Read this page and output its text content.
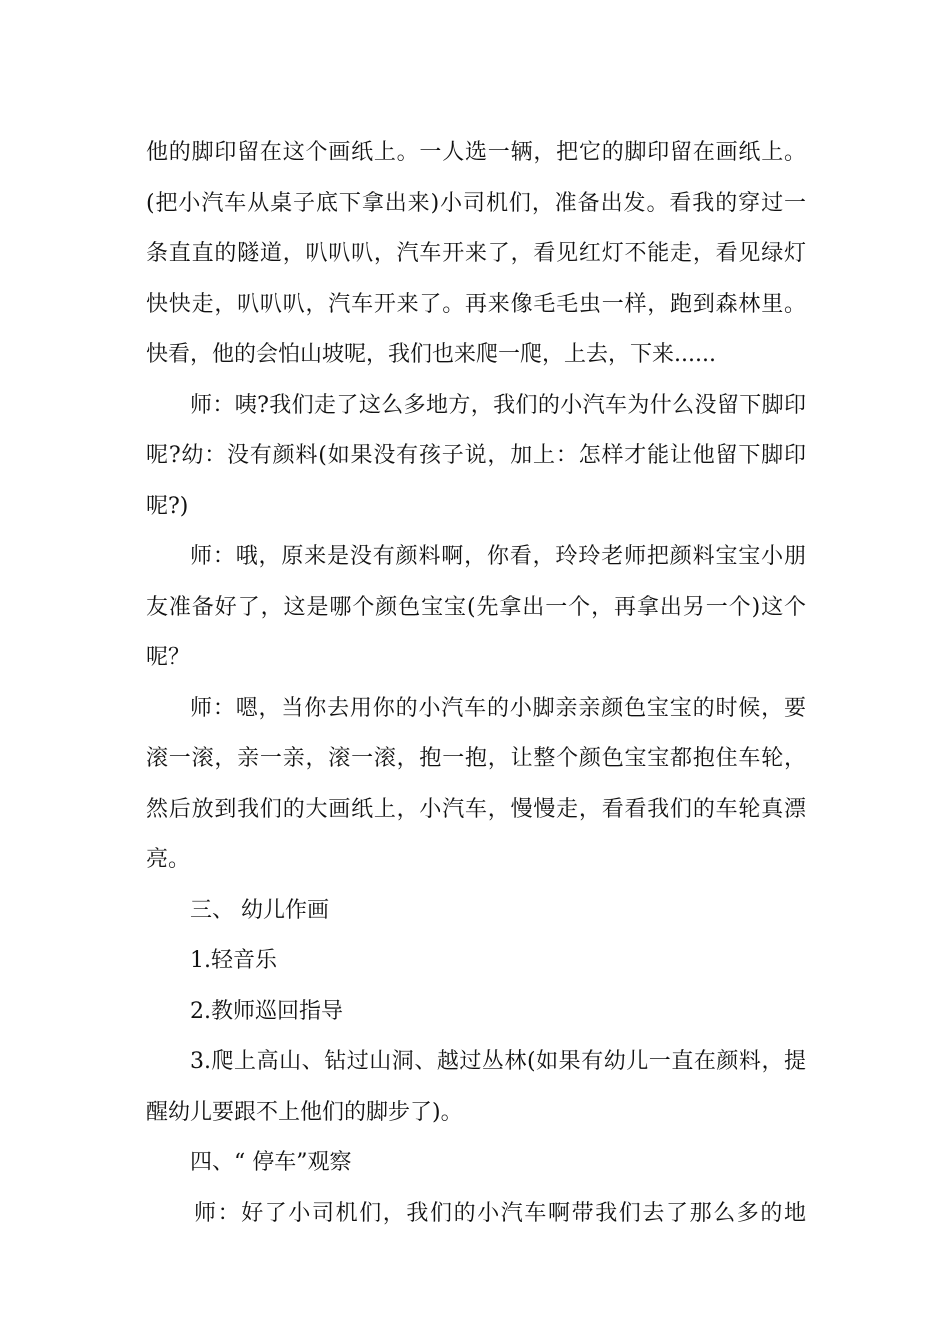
他的脚印留在这个画纸上。一人选一辆，把它的脚印留在画纸上。
(把小汽车从桌子底下拿出来)小司机们，准备出发。看我的穿过一
条直直的隧道，叭叭叭，汽车开来了，看见红灯不能走，看见绿灯
快快走，叭叭叭，汽车开来了。再来像毛毛虫一样，跑到森林里。
快看，他的会怕山坡呢，我们也来爬一爬，上去，下来......
师：咦?我们走了这么多地方，我们的小汽车为什么没留下脚印
呢?幼：没有颜料(如果没有孩子说，加上：怎样才能让他留下脚印
呢?)
师：哦，原来是没有颜料啊，你看，玲玲老师把颜料宝宝小朋
友准备好了，这是哪个颜色宝宝(先拿出一个，再拿出另一个)这个
呢？
师：嗯，当你去用你的小汽车的小脚亲亲颜色宝宝的时候，要
滚一滚，亲一亲，滚一滚，抱一抱，让整个颜色宝宝都抱住车轮，
然后放到我们的大画纸上，小汽车，慢慢走，看看我们的车轮真漂
亮。
三、 幼儿作画
1.轻音乐
2.教师巡回指导
3.爬上高山、钻过山洞、越过丛林(如果有幼儿一直在颜料，提
醒幼儿要跟不上他们的脚步了)。
四、“ 停车”观察
师：好了小司机们，我们的小汽车啊带我们去了那么多的地
